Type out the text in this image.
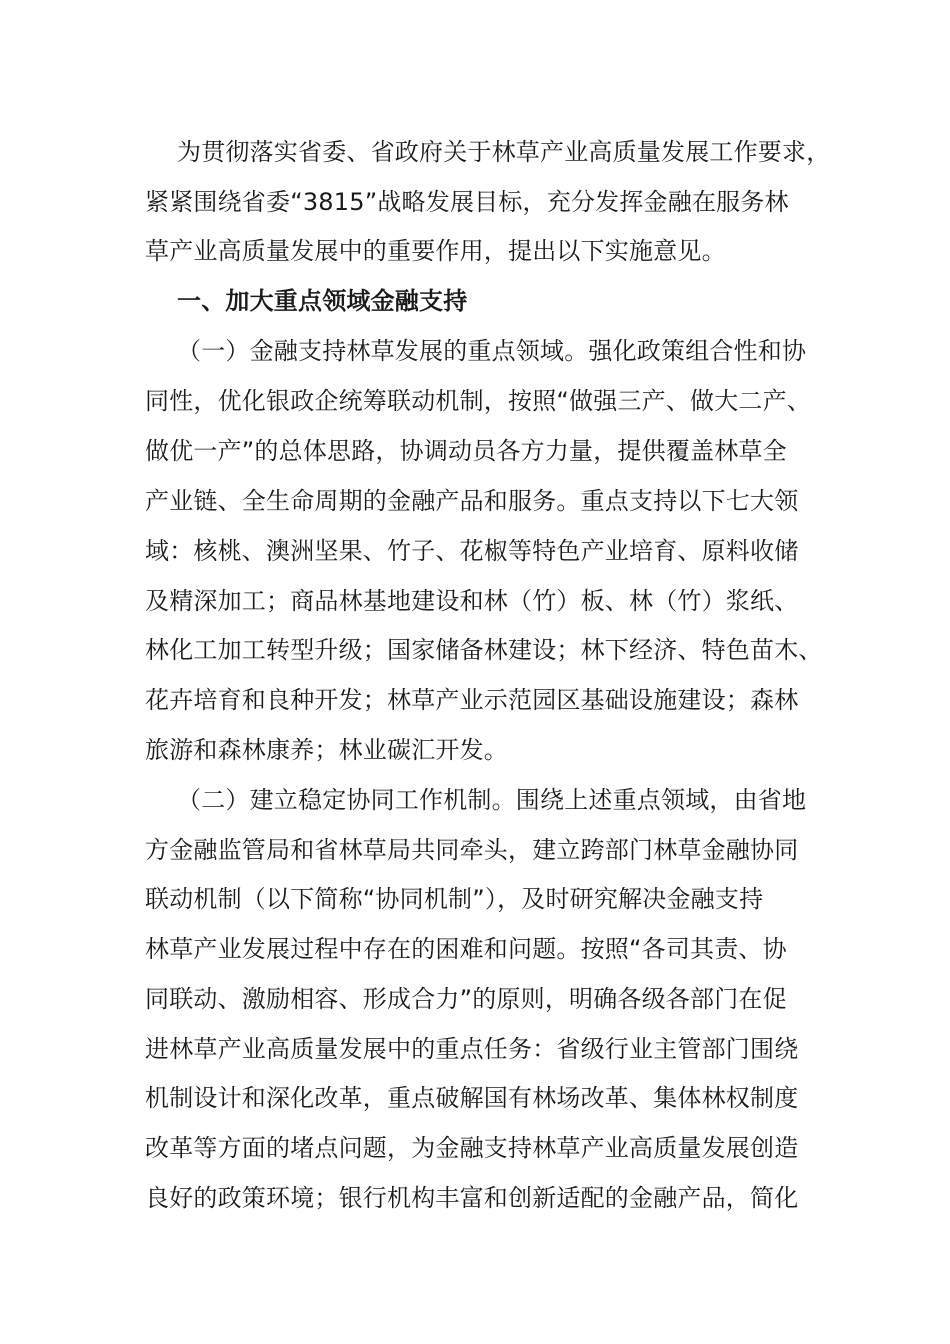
为贯彻落实省委、省政府关于林草产业高质量发展工作要求，
紧紧围绕省委“3815”战略发展目标，充分发挥金融在服务林
草产业高质量发展中的重要作用，提出以下实施意见。
一、加大重点领域金融支持
（一）金融支持林草发展的重点领域。强化政策组合性和协
同性，优化银政企统筹联动机制，按照“做强三产、做大二产、
做优一产”的总体思路，协调动员各方力量，提供覆盖林草全
产业链、全生命周期的金融产品和服务。重点支持以下七大领
域：核桃、澳洲坚果、竹子、花椒等特色产业培育、原料收储
及精深加工；商品林基地建设和林（竹）板、林（竹）浆纸、
林化工加工转型升级；国家储备林建设；林下经济、特色苗木、
花卉培育和良种开发；林草产业示范园区基础设施建设；森林
旅游和森林康养；林业碳汇开发。
（二）建立稳定协同工作机制。围绕上述重点领域，由省地
方金融监管局和省林草局共同牵头，建立跨部门林草金融协同
联动机制（以下简称“协同机制”），及时研究解决金融支持
林草产业发展过程中存在的困难和问题。按照“各司其责、协
同联动、激励相容、形成合力”的原则，明确各级各部门在促
进林草产业高质量发展中的重点任务：省级行业主管部门围绕
机制设计和深化改革，重点破解国有林场改革、集体林权制度
改革等方面的堵点问题，为金融支持林草产业高质量发展创造
良好的政策环境；银行机构丰富和创新适配的金融产品，简化
